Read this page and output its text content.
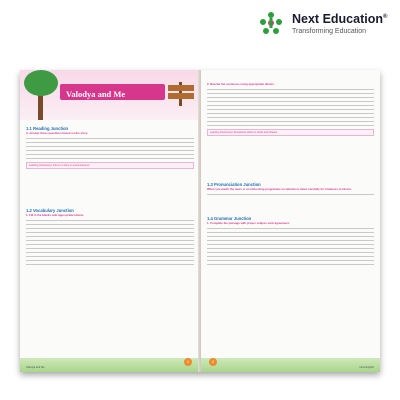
Next Education®
Transforming Education
Valodya and Me
1.1 Reading Junction
A. Answer these questions based on the story.
Learning Outcome(s): Infers in a story or a personal level
1.2 Vocabulary Junction
1. Fill in the blanks with appropriate idioms.
Valodya and Me
1
2. Rewrite the sentences using appropriate idioms.
Learning Outcome(s): Recognises elision in words and phrases
1.3 Pronunciation Junction
When you watch the news or an interesting programme on television, listen carefully for instances of elision.
1.4 Grammar Junction
1. Complete the passage with proper subject–verb agreement.
2
Next English
